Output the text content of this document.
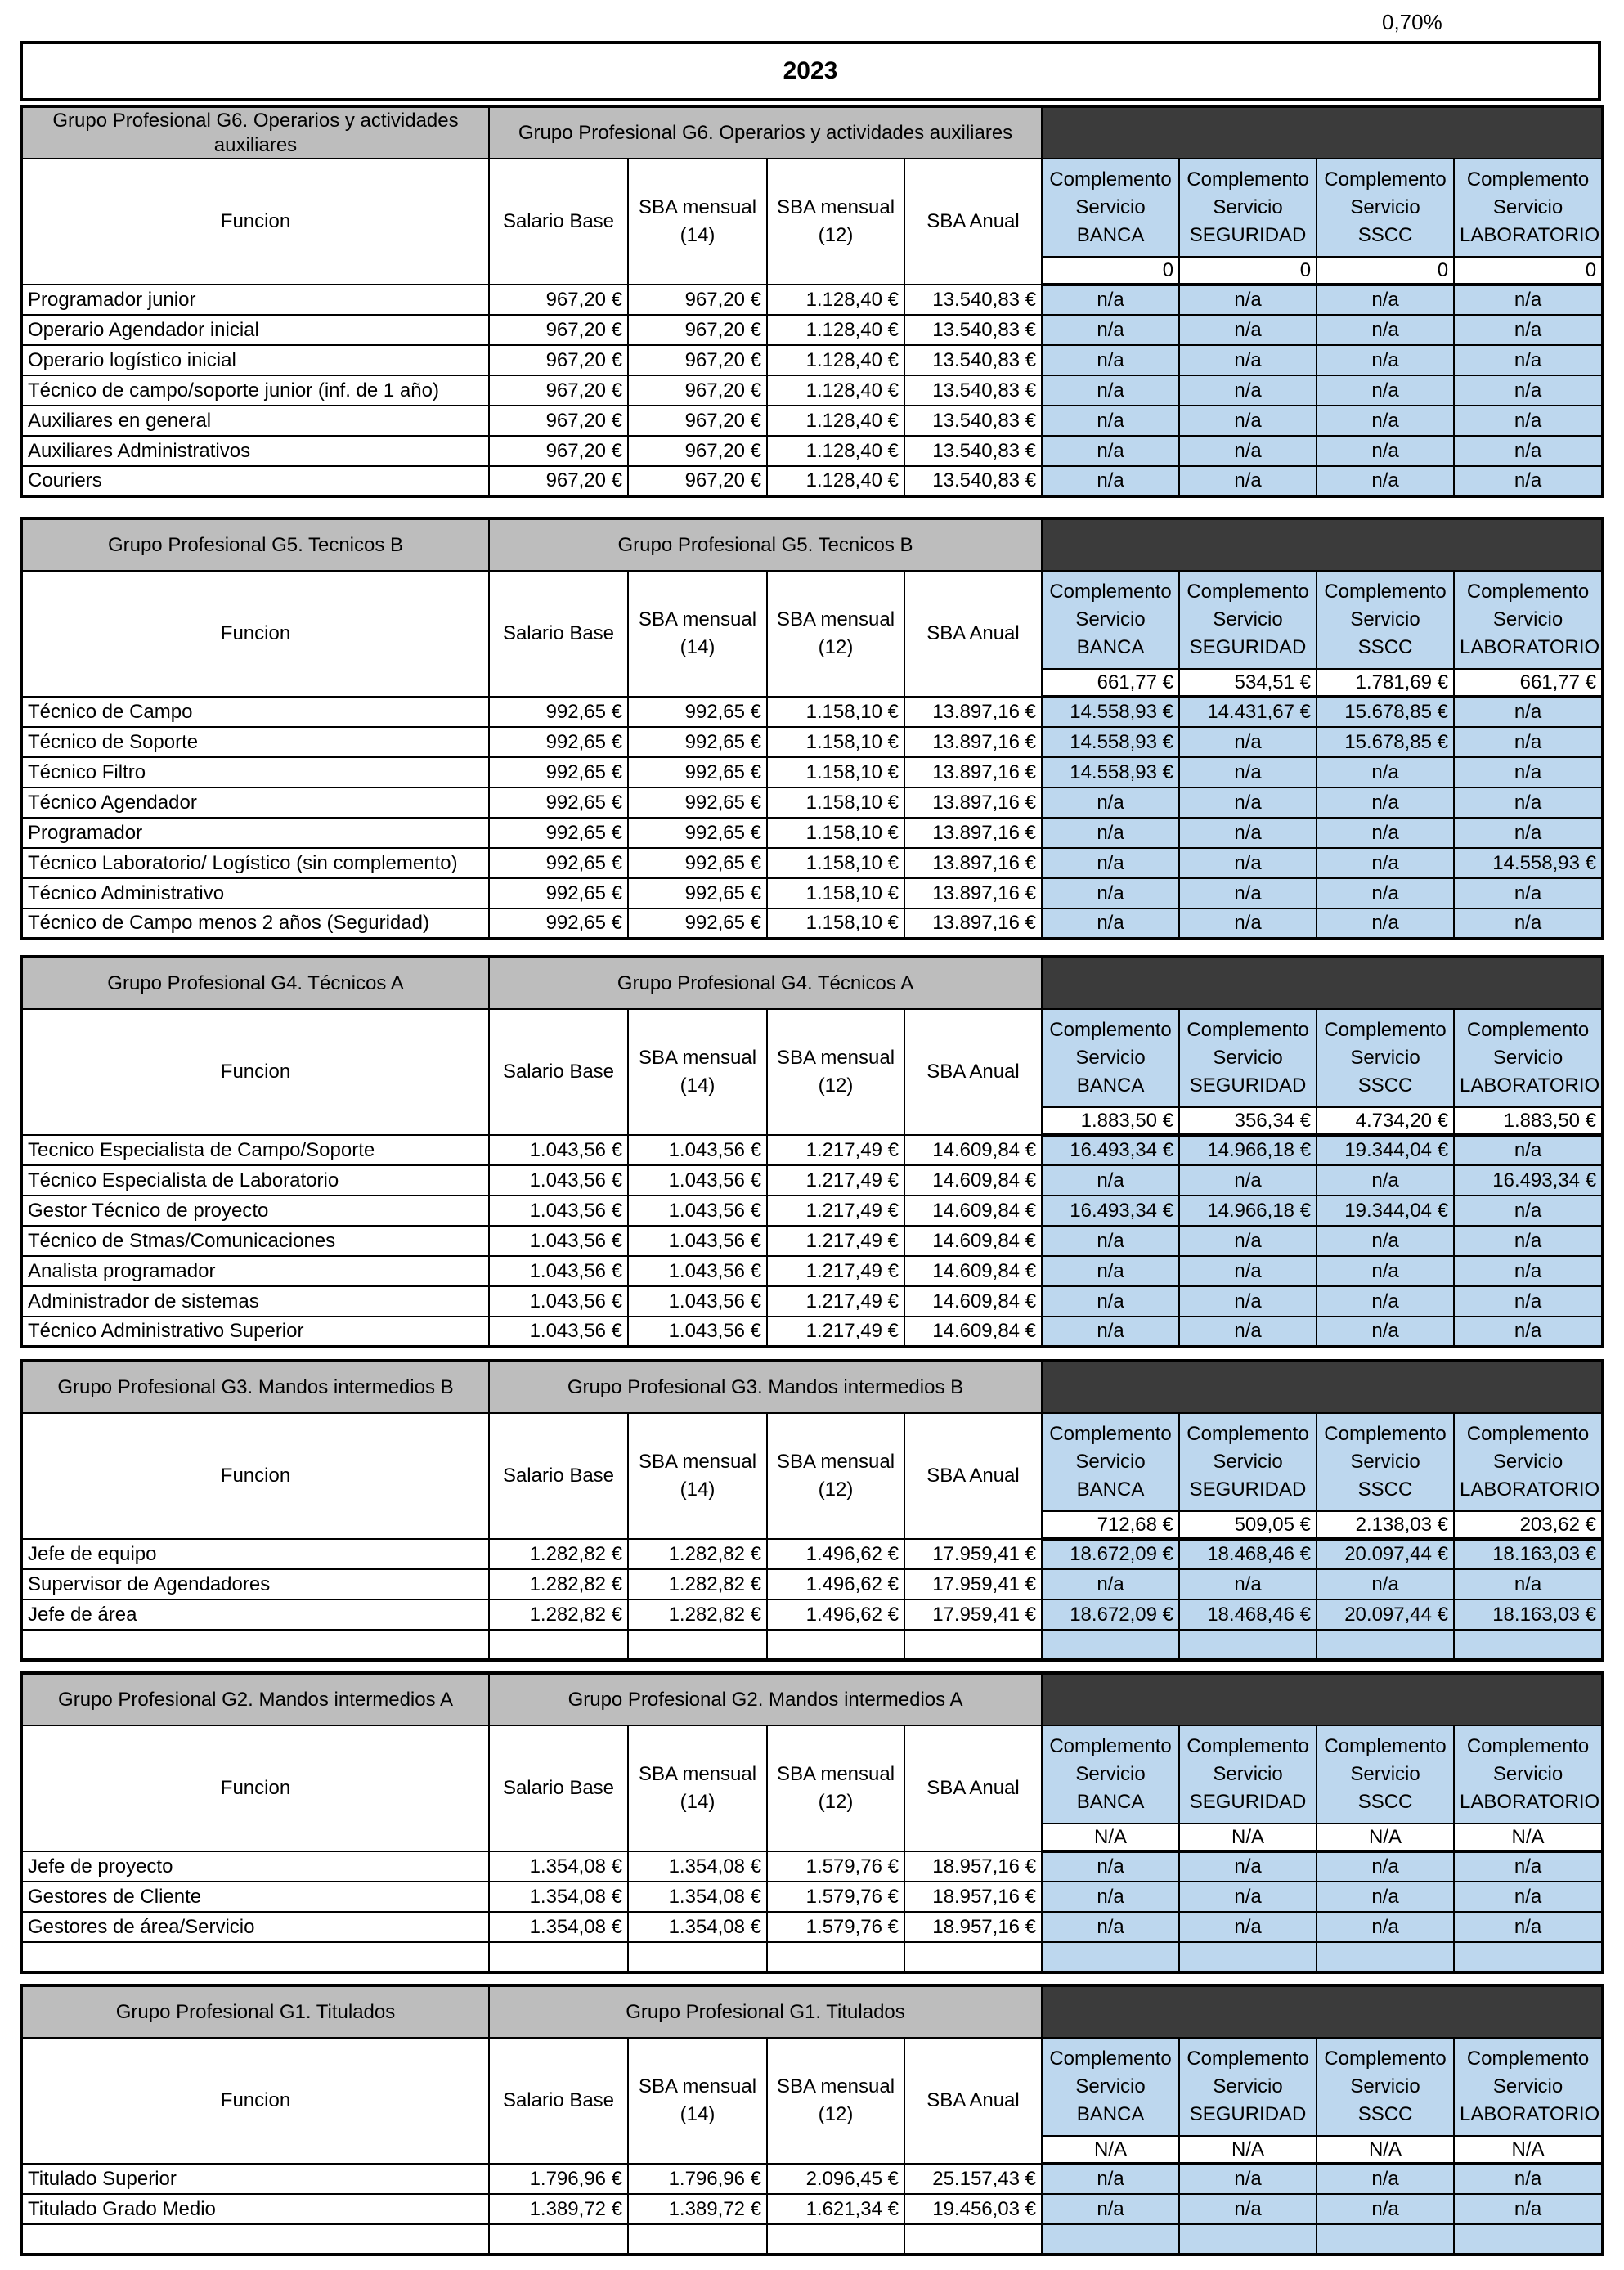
0,70%
2023
Grupo Profesional G6. Operarios y actividades auxiliares	Grupo Profesional G6. Operarios y actividades auxiliares							
Funcion	Salario Base	SBA mensual (14)	SBA mensual (12)	SBA Anual	Complemento Servicio BANCA	Complemento Servicio SEGURIDAD	Complemento Servicio SSCC	Complemento Servicio LABORATORIO
					0	0	0	0
Programador junior	967,20 €	967,20 €	1.128,40 €	13.540,83 €	n/a	n/a	n/a	n/a
Operario Agendador inicial	967,20 €	967,20 €	1.128,40 €	13.540,83 €	n/a	n/a	n/a	n/a
Operario logístico inicial	967,20 €	967,20 €	1.128,40 €	13.540,83 €	n/a	n/a	n/a	n/a
Técnico de campo/soporte junior (inf. de 1 año)	967,20 €	967,20 €	1.128,40 €	13.540,83 €	n/a	n/a	n/a	n/a
Auxiliares en general	967,20 €	967,20 €	1.128,40 €	13.540,83 €	n/a	n/a	n/a	n/a
Auxiliares Administrativos	967,20 €	967,20 €	1.128,40 €	13.540,83 €	n/a	n/a	n/a	n/a
Couriers	967,20 €	967,20 €	1.128,40 €	13.540,83 €	n/a	n/a	n/a	n/a
Grupo Profesional G5. Tecnicos B	Grupo Profesional G5. Tecnicos B							
Funcion	Salario Base	SBA mensual (14)	SBA mensual (12)	SBA Anual	Complemento Servicio BANCA	Complemento Servicio SEGURIDAD	Complemento Servicio SSCC	Complemento Servicio LABORATORIO
					661,77 €	534,51 €	1.781,69 €	661,77 €
Técnico de Campo	992,65 €	992,65 €	1.158,10 €	13.897,16 €	14.558,93 €	14.431,67 €	15.678,85 €	n/a
Técnico de Soporte	992,65 €	992,65 €	1.158,10 €	13.897,16 €	14.558,93 €	n/a	15.678,85 €	n/a
Técnico Filtro	992,65 €	992,65 €	1.158,10 €	13.897,16 €	14.558,93 €	n/a	n/a	n/a
Técnico Agendador	992,65 €	992,65 €	1.158,10 €	13.897,16 €	n/a	n/a	n/a	n/a
Programador	992,65 €	992,65 €	1.158,10 €	13.897,16 €	n/a	n/a	n/a	n/a
Técnico Laboratorio/ Logístico (sin complemento)	992,65 €	992,65 €	1.158,10 €	13.897,16 €	n/a	n/a	n/a	14.558,93 €
Técnico Administrativo	992,65 €	992,65 €	1.158,10 €	13.897,16 €	n/a	n/a	n/a	n/a
Técnico de Campo menos 2 años (Seguridad)	992,65 €	992,65 €	1.158,10 €	13.897,16 €	n/a	n/a	n/a	n/a
Grupo Profesional G4. Técnicos A	Grupo Profesional G4. Técnicos A							
Funcion	Salario Base	SBA mensual (14)	SBA mensual (12)	SBA Anual	Complemento Servicio BANCA	Complemento Servicio SEGURIDAD	Complemento Servicio SSCC	Complemento Servicio LABORATORIO
					1.883,50 €	356,34 €	4.734,20 €	1.883,50 €
Tecnico Especialista de Campo/Soporte	1.043,56 €	1.043,56 €	1.217,49 €	14.609,84 €	16.493,34 €	14.966,18 €	19.344,04 €	n/a
Técnico Especialista de Laboratorio	1.043,56 €	1.043,56 €	1.217,49 €	14.609,84 €	n/a	n/a	n/a	16.493,34 €
Gestor Técnico de proyecto	1.043,56 €	1.043,56 €	1.217,49 €	14.609,84 €	16.493,34 €	14.966,18 €	19.344,04 €	n/a
Técnico de Stmas/Comunicaciones	1.043,56 €	1.043,56 €	1.217,49 €	14.609,84 €	n/a	n/a	n/a	n/a
Analista programador	1.043,56 €	1.043,56 €	1.217,49 €	14.609,84 €	n/a	n/a	n/a	n/a
Administrador de sistemas	1.043,56 €	1.043,56 €	1.217,49 €	14.609,84 €	n/a	n/a	n/a	n/a
Técnico Administrativo Superior	1.043,56 €	1.043,56 €	1.217,49 €	14.609,84 €	n/a	n/a	n/a	n/a
Grupo Profesional G3. Mandos intermedios B	Grupo Profesional G3. Mandos intermedios B							
Funcion	Salario Base	SBA mensual (14)	SBA mensual (12)	SBA Anual	Complemento Servicio BANCA	Complemento Servicio SEGURIDAD	Complemento Servicio SSCC	Complemento Servicio LABORATORIO
					712,68 €	509,05 €	2.138,03 €	203,62 €
Jefe de equipo	1.282,82 €	1.282,82 €	1.496,62 €	17.959,41 €	18.672,09 €	18.468,46 €	20.097,44 €	18.163,03 €
Supervisor de Agendadores	1.282,82 €	1.282,82 €	1.496,62 €	17.959,41 €	n/a	n/a	n/a	n/a
Jefe de área	1.282,82 €	1.282,82 €	1.496,62 €	17.959,41 €	18.672,09 €	18.468,46 €	20.097,44 €	18.163,03 €

Grupo Profesional G2. Mandos intermedios A	Grupo Profesional G2. Mandos intermedios A							
Funcion	Salario Base	SBA mensual (14)	SBA mensual (12)	SBA Anual	Complemento Servicio BANCA	Complemento Servicio SEGURIDAD	Complemento Servicio SSCC	Complemento Servicio LABORATORIO
					N/A	N/A	N/A	N/A
Jefe de proyecto	1.354,08 €	1.354,08 €	1.579,76 €	18.957,16 €	n/a	n/a	n/a	n/a
Gestores de Cliente	1.354,08 €	1.354,08 €	1.579,76 €	18.957,16 €	n/a	n/a	n/a	n/a
Gestores de área/Servicio	1.354,08 €	1.354,08 €	1.579,76 €	18.957,16 €	n/a	n/a	n/a	n/a

Grupo Profesional G1. Titulados	Grupo Profesional G1. Titulados							
Funcion	Salario Base	SBA mensual (14)	SBA mensual (12)	SBA Anual	Complemento Servicio BANCA	Complemento Servicio SEGURIDAD	Complemento Servicio SSCC	Complemento Servicio LABORATORIO
					N/A	N/A	N/A	N/A
Titulado Superior	1.796,96 €	1.796,96 €	2.096,45 €	25.157,43 €	n/a	n/a	n/a	n/a
Titulado Grado Medio	1.389,72 €	1.389,72 €	1.621,34 €	19.456,03 €	n/a	n/a	n/a	n/a
